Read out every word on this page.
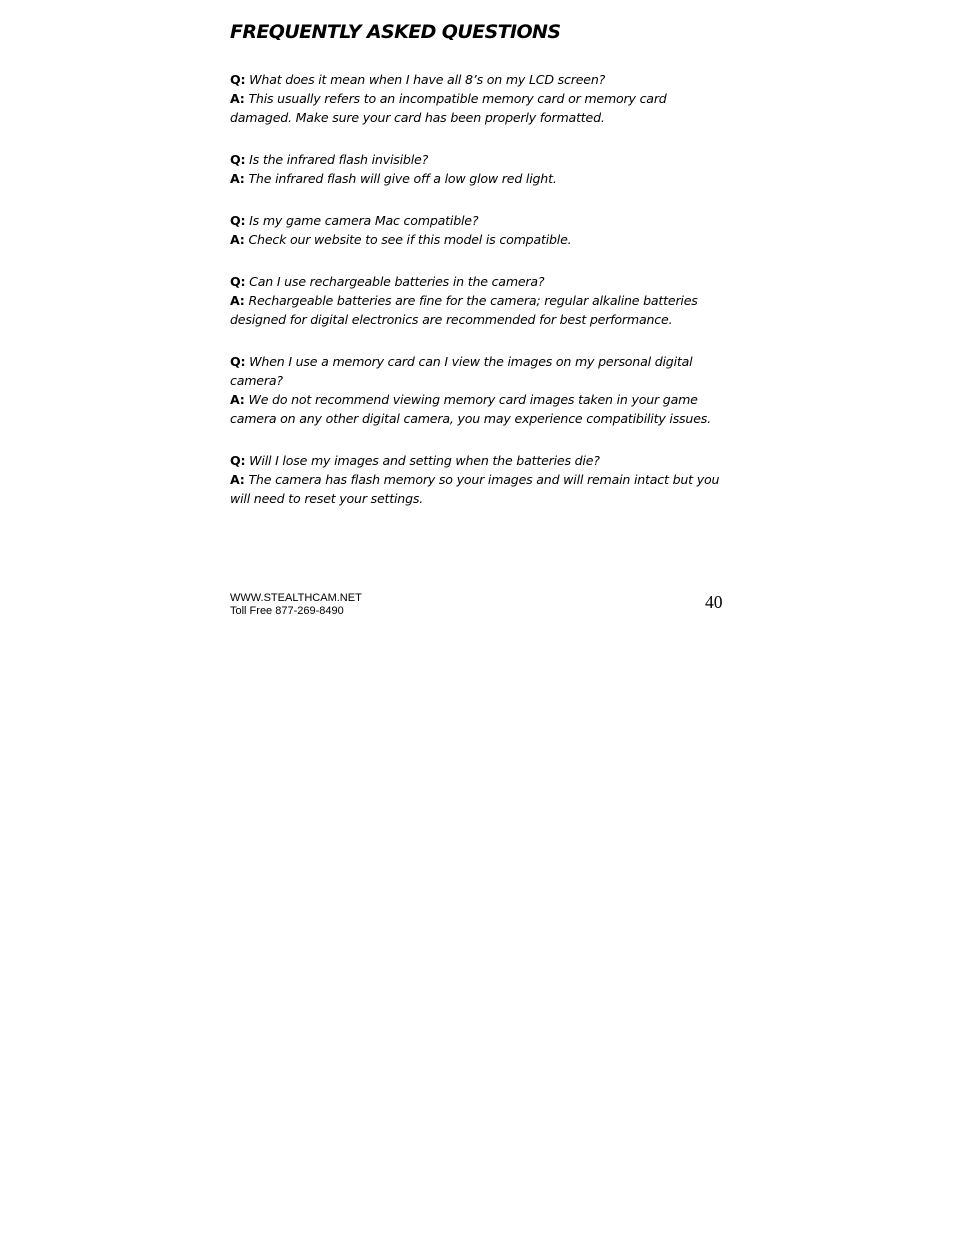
FREQUENTLY ASKED QUESTIONS

Q: What does it mean when I have all 8’s on my LCD screen?

A: This usually refers to an incompatible memory card or memory card damaged. Make sure your card has been properly formatted.

Q: Is the infrared flash invisible?

A: The infrared flash will give off a low glow red light.

Q: Is my game camera Mac compatible?

A: Check our website to see if this model is compatible.

Q: Can I use rechargeable batteries in the camera?

A: Rechargeable batteries are fine for the camera; regular alkaline batteries designed for digital electronics are recommended for best performance.

Q: When I use a memory card can I view the images on my personal digital camera?

A: We do not recommend viewing memory card images taken in your game camera on any other digital camera, you may experience compatibility issues.

Q: Will I lose my images and setting when the batteries die?

A: The camera has flash memory so your images and will remain intact but you will need to reset your settings.

WWW.STEALTHCAM.NET
Toll Free 877-269-8490	40
